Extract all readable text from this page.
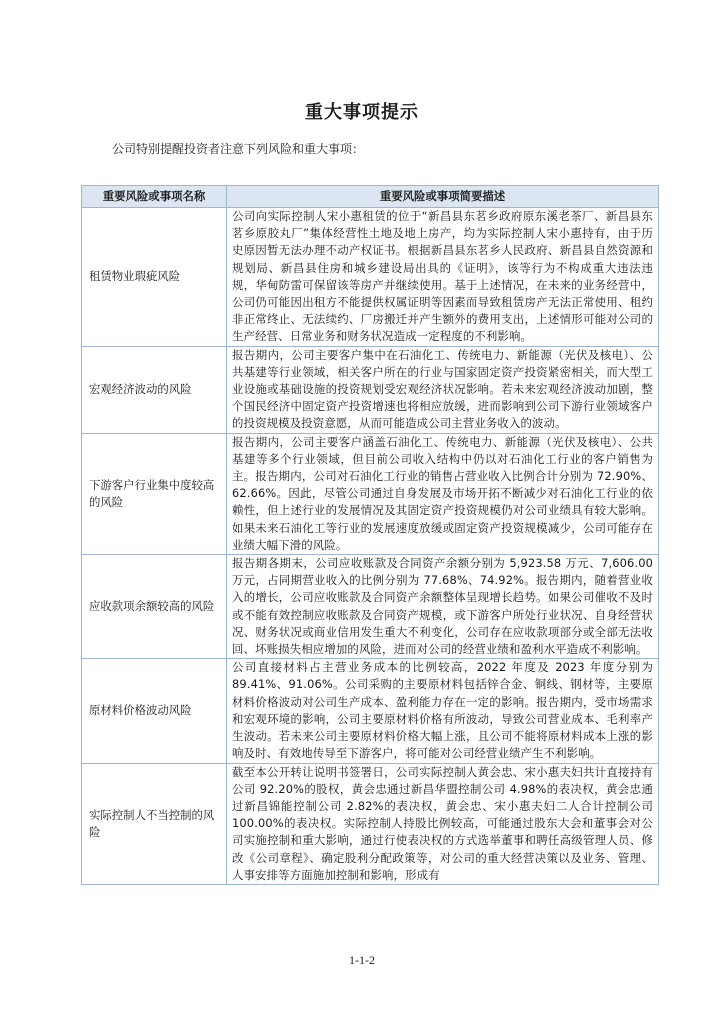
重大事项提示
公司特别提醒投资者注意下列风险和重大事项：
重要风险或事项名称	重要风险或事项简要描述
租赁物业瑕疵风险	公司向实际控制人宋小惠租赁的位于“新昌县东茗乡政府原东溪老茶厂、新昌县东茗乡原胶丸厂”集体经营性土地及地上房产，均为实际控制人宋小惠持有，由于历史原因暂无法办理不动产权证书。根据新昌县东茗乡人民政府、新昌县自然资源和规划局、新昌县住房和城乡建设局出具的《证明》，该等行为不构成重大违法违规，华甸防雷可保留该等房产并继续使用。基于上述情况，在未来的业务经营中，公司仍可能因出租方不能提供权属证明等因素而导致租赁房产无法正常使用、租约非正常终止、无法续约、厂房搬迁并产生额外的费用支出，上述情形可能对公司的生产经营、日常业务和财务状况造成一定程度的不利影响。
宏观经济波动的风险	报告期内，公司主要客户集中在石油化工、传统电力、新能源（光伏及核电）、公共基建等行业领域，相关客户所在的行业与国家固定资产投资紧密相关，而大型工业设施或基础设施的投资规划受宏观经济状况影响。若未来宏观经济波动加剧，整个国民经济中固定资产投资增速也将相应放缓，进而影响到公司下游行业领域客户的投资规模及投资意愿，从而可能造成公司主营业务收入的波动。
下游客户行业集中度较高的风险	报告期内，公司主要客户涵盖石油化工、传统电力、新能源（光伏及核电）、公共基建等多个行业领域，但目前公司收入结构中仍以对石油化工行业的客户销售为主。报告期内，公司对石油化工行业的销售占营业收入比例合计分别为 72.90%、62.66%。因此，尽管公司通过自身发展及市场开拓不断减少对石油化工行业的依赖性，但上述行业的发展情况及其固定资产投资规模仍对公司业绩具有较大影响。如果未来石油化工等行业的发展速度放缓或固定资产投资规模减少，公司可能存在业绩大幅下滑的风险。
应收款项余额较高的风险	报告期各期末，公司应收账款及合同资产余额分别为 5,923.58 万元、7,606.00 万元，占同期营业收入的比例分别为 77.68%、74.92%。报告期内，随着营业收入的增长，公司应收账款及合同资产余额整体呈现增长趋势。如果公司催收不及时或不能有效控制应收账款及合同资产规模，或下游客户所处行业状况、自身经营状况、财务状况或商业信用发生重大不利变化，公司存在应收款项部分或全部无法收回、坏账损失相应增加的风险，进而对公司的经营业绩和盈利水平造成不利影响。
原材料价格波动风险	公司直接材料占主营业务成本的比例较高，2022 年度及 2023 年度分别为 89.41%、91.06%。公司采购的主要原材料包括锌合金、铜线、钢材等，主要原材料价格波动对公司生产成本、盈利能力存在一定的影响。报告期内，受市场需求和宏观环境的影响，公司主要原材料价格有所波动，导致公司营业成本、毛利率产生波动。若未来公司主要原材料价格大幅上涨，且公司不能将原材料成本上涨的影响及时、有效地传导至下游客户，将可能对公司经营业绩产生不利影响。
实际控制人不当控制的风险	截至本公开转让说明书签署日，公司实际控制人黄会忠、宋小惠夫妇共计直接持有公司 92.20%的股权，黄会忠通过新昌华盟控制公司 4.98%的表决权，黄会忠通过新昌锦能控制公司 2.82%的表决权，黄会忠、宋小惠夫妇二人合计控制公司 100.00%的表决权。实际控制人持股比例较高，可能通过股东大会和董事会对公司实施控制和重大影响，通过行使表决权的方式选举董事和聘任高级管理人员、修改《公司章程》、确定股利分配政策等，对公司的重大经营决策以及业务、管理、人事安排等方面施加控制和影响，形成有
1-1-2
